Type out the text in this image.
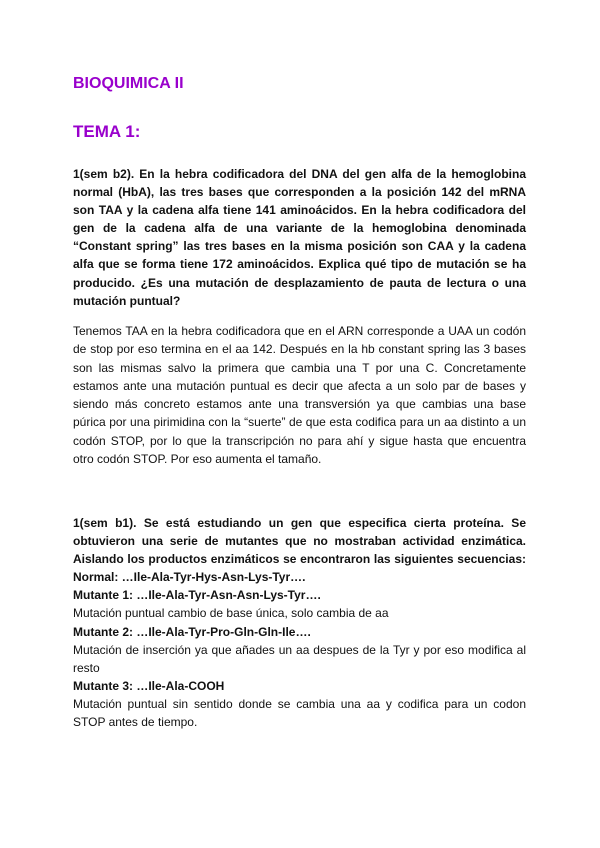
BIOQUIMICA II
TEMA 1:

1(sem b2). En la hebra codificadora del DNA del gen alfa de la hemoglobina normal (HbA), las tres bases que corresponden a la posición 142 del mRNA son TAA y la cadena alfa tiene 141 aminoácidos. En la hebra codificadora del gen de la cadena alfa de una variante de la hemoglobina denominada “Constant spring” las tres bases en la misma posición son CAA y la cadena alfa que se forma tiene 172 aminoácidos. Explica qué tipo de mutación se ha producido. ¿Es una mutación de desplazamiento de pauta de lectura o una mutación puntual?

Tenemos TAA en la hebra codificadora que en el ARN corresponde a UAA un codón de stop por eso termina en el aa 142. Después en la hb constant spring las 3 bases son las mismas salvo la primera que cambia una T por una C. Concretamente estamos ante una mutación puntual es decir que afecta a un solo par de bases y siendo más concreto estamos ante una transversión ya que cambias una base púrica por una pirimidina con la “suerte” de que esta codifica para un aa distinto a un codón STOP, por lo que la transcripción no para ahí y sigue hasta que encuentra otro codón STOP. Por eso aumenta el tamaño.

1(sem b1). Se está estudiando un gen que especifica cierta proteína. Se obtuvieron una serie de mutantes que no mostraban actividad enzimática. Aislando los productos enzimáticos se encontraron las siguientes secuencias: Normal: …Ile-Ala-Tyr-Hys-Asn-Lys-Tyr….
Mutante 1: …Ile-Ala-Tyr-Asn-Asn-Lys-Tyr….
Mutación puntual cambio de base única, solo cambia de aa
Mutante 2: …Ile-Ala-Tyr-Pro-Gln-Gln-Ile….
Mutación de inserción ya que añades un aa despues de la Tyr y por eso modifica al resto
Mutante 3: …Ile-Ala-COOH
Mutación puntual sin sentido donde se cambia una aa y codifica para un codon STOP antes de tiempo.
